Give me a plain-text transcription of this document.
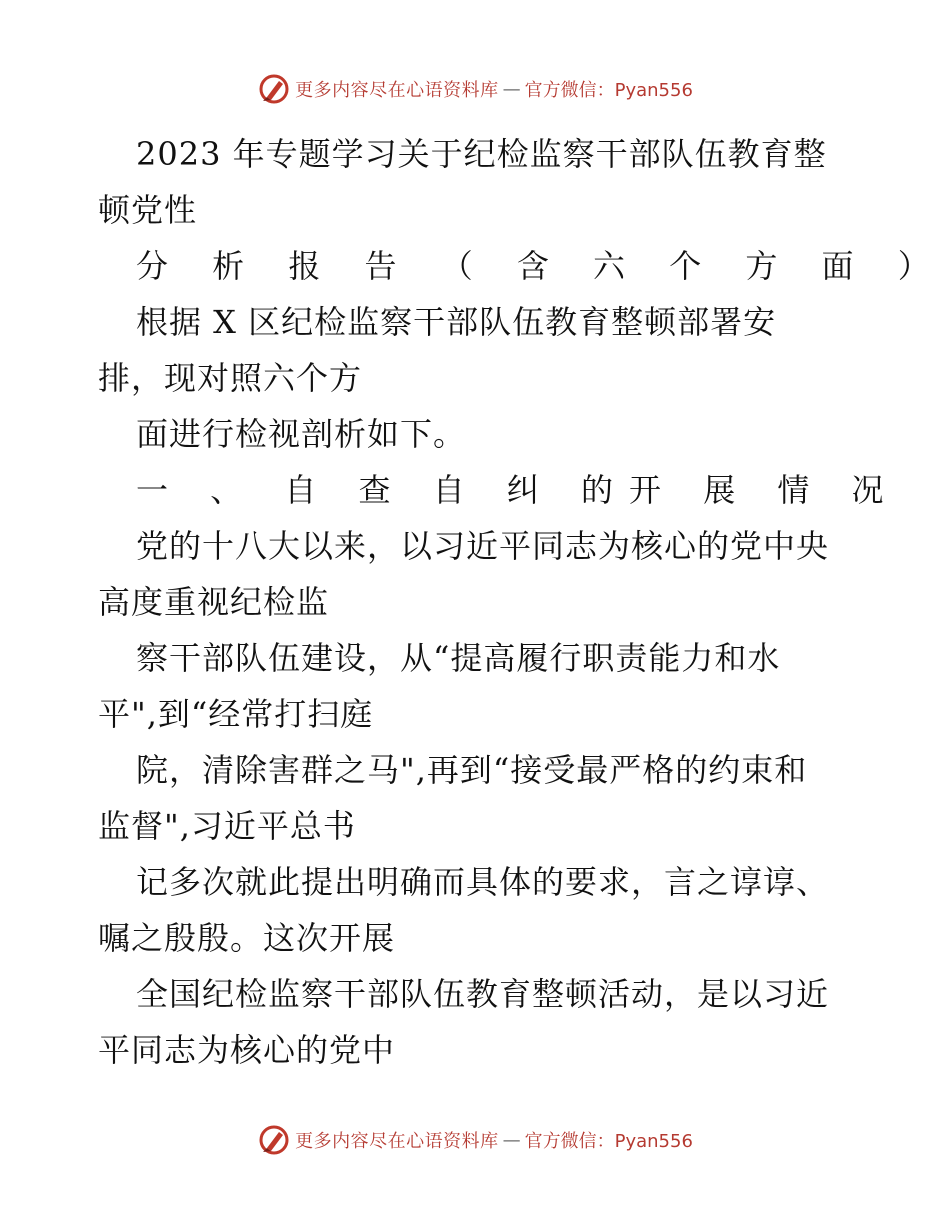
更多内容尽在心语资料库 — 官方微信：Pyan556
2023 年专题学习关于纪检监察干部队伍教育整
顿党性
分 析 报 告 （ 含 六 个 方 面 ）
根据 X 区纪检监察干部队伍教育整顿部署安
排，现对照六个方
面进行检视剖析如下。
一 、 自 查 自 纠 的开 展 情 况
党的十八大以来，以习近平同志为核心的党中央
高度重视纪检监
察干部队伍建设，从“提高履行职责能力和水
平",到“经常打扫庭
院，清除害群之马",再到“接受最严格的约束和
监督",习近平总书
记多次就此提出明确而具体的要求，言之谆谆、
嘱之殷殷。这次开展
全国纪检监察干部队伍教育整顿活动，是以习近
平同志为核心的党中
更多内容尽在心语资料库 — 官方微信：Pyan556
